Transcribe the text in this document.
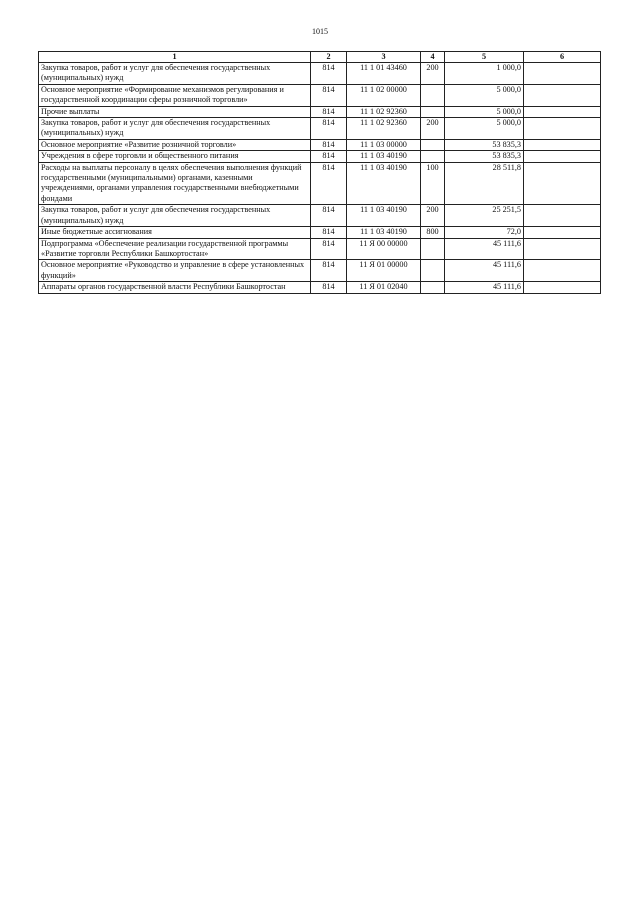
1015
1	2	3	4	5	6
Закупка товаров, работ и услуг для обеспечения государственных (муниципальных) нужд	814	11 1 01 43460	200	1 000,0	
Основное мероприятие «Формирование механизмов регулирования и государственной координации сферы розничной торговли»	814	11 1 02 00000		5 000,0	
Прочие выплаты	814	11 1 02 92360		5 000,0	
Закупка товаров, работ и услуг для обеспечения государственных (муниципальных) нужд	814	11 1 02 92360	200	5 000,0	
Основное мероприятие «Развитие розничной торговли»	814	11 1 03 00000		53 835,3	
Учреждения в сфере торговли и общественного питания	814	11 1 03 40190		53 835,3	
Расходы на выплаты персоналу в целях обеспечения выполнения функций государственными (муниципальными) органами, казенными учреждениями, органами управления государственными внебюджетными фондами	814	11 1 03 40190	100	28 511,8	
Закупка товаров, работ и услуг для обеспечения государственных (муниципальных) нужд	814	11 1 03 40190	200	25 251,5	
Иные бюджетные ассигнования	814	11 1 03 40190	800	72,0	
Подпрограмма «Обеспечение реализации государственной программы «Развитие торговли Республики Башкортостан»	814	11 Я 00 00000		45 111,6	
Основное мероприятие «Руководство и управление в сфере установленных функций»	814	11 Я 01 00000		45 111,6	
Аппараты органов государственной власти Республики Башкортостан	814	11 Я 01 02040		45 111,6	
